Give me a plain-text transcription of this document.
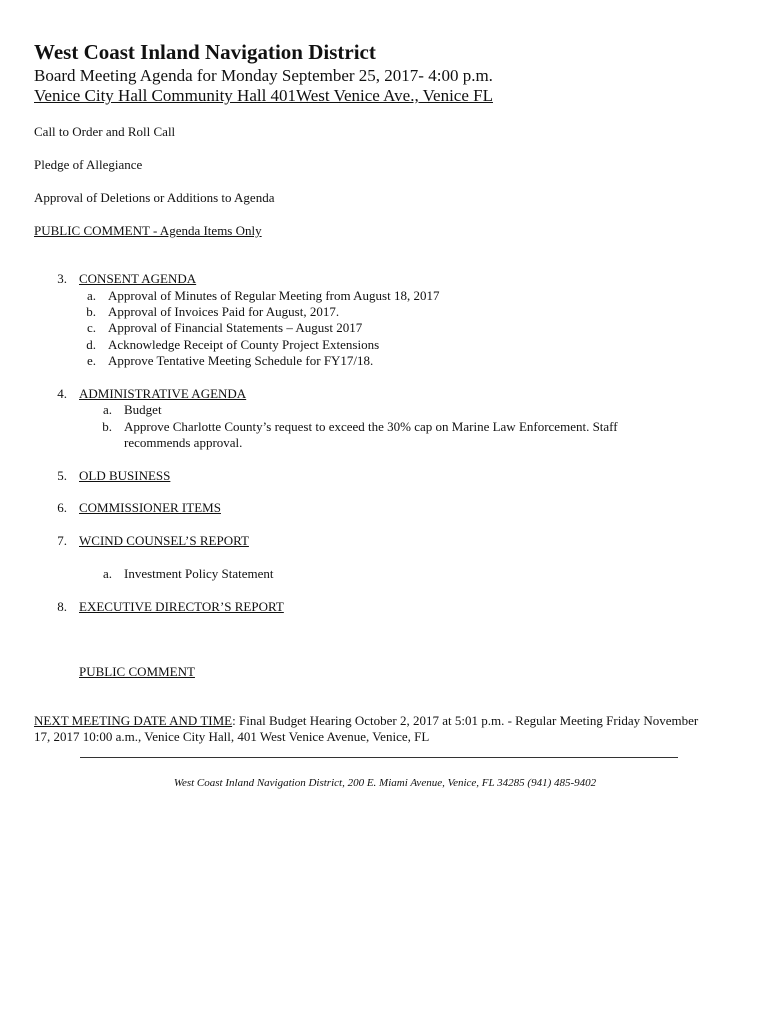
West Coast Inland Navigation District
Board Meeting Agenda for Monday September 25, 2017- 4:00 p.m.
Venice City Hall Community Hall 401West Venice Ave., Venice FL
Call to Order and Roll Call
Pledge of Allegiance
Approval of Deletions or Additions to Agenda
PUBLIC COMMENT - Agenda Items Only
3. CONSENT AGENDA
a. Approval of Minutes of Regular Meeting from August 18, 2017
b. Approval of Invoices Paid for August, 2017.
c. Approval of Financial Statements – August 2017
d. Acknowledge Receipt of County Project Extensions
e. Approve Tentative Meeting Schedule for FY17/18.
4. ADMINISTRATIVE AGENDA
a. Budget
b. Approve Charlotte County’s request to exceed the 30% cap on Marine Law Enforcement. Staff recommends approval.
5. OLD BUSINESS
6. COMMISSIONER ITEMS
7. WCIND COUNSEL’S REPORT
a. Investment Policy Statement
8. EXECUTIVE DIRECTOR’S REPORT
PUBLIC COMMENT
NEXT MEETING DATE AND TIME: Final Budget Hearing October 2, 2017 at 5:01 p.m. - Regular Meeting Friday November 17, 2017 10:00 a.m., Venice City Hall, 401 West Venice Avenue, Venice, FL
West Coast Inland Navigation District, 200 E. Miami Avenue, Venice, FL 34285 (941) 485-9402
